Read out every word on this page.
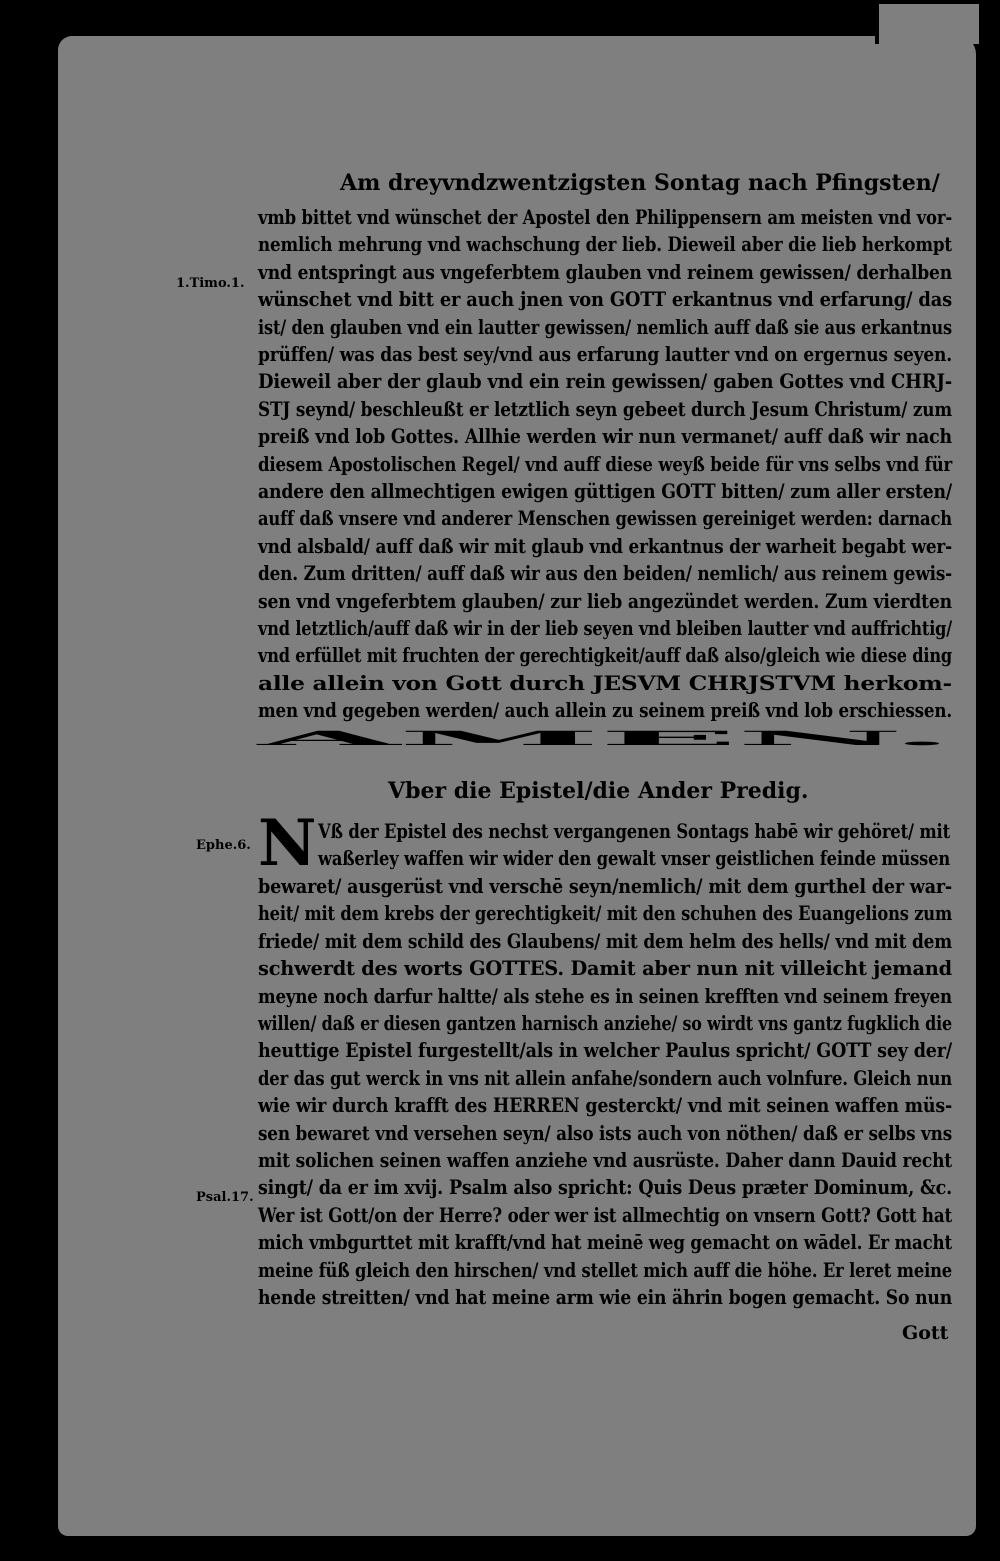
Am dreyvndzwentzigsten Sontag nach Pfingsten/
1.Timo.1.
Ephe.6.
Psal.17.
vmb bittet vnd wünschet der Apostel den Philippensern am meisten vnd vor-
nemlich mehrung vnd wachschung der lieb. Dieweil aber die lieb herkompt
vnd entspringt aus vngeferbtem glauben vnd reinem gewissen/ derhalben
wünschet vnd bitt er auch jnen von GOTT erkantnus vnd erfarung/ das
ist/ den glauben vnd ein lautter gewissen/ nemlich auff daß sie aus erkantnus
prüffen/ was das best sey/vnd aus erfarung lautter vnd on ergernus seyen.
Dieweil aber der glaub vnd ein rein gewissen/ gaben Gottes vnd CHRJ-
STJ seynd/ beschleußt er letztlich seyn gebeet durch Jesum Christum/ zum
preiß vnd lob Gottes. Allhie werden wir nun vermanet/ auff daß wir nach
diesem Apostolischen Regel/ vnd auff diese weyß beide für vns selbs vnd für
andere den allmechtigen ewigen güttigen GOTT bitten/ zum aller ersten/
auff daß vnsere vnd anderer Menschen gewissen gereiniget werden: darnach
vnd alsbald/ auff daß wir mit glaub vnd erkantnus der warheit begabt wer-
den. Zum dritten/ auff daß wir aus den beiden/ nemlich/ aus reinem gewis-
sen vnd vngeferbtem glauben/ zur lieb angezündet werden. Zum vierdten
vnd letztlich/auff daß wir in der lieb seyen vnd bleiben lautter vnd auffrichtig/
vnd erfüllet mit fruchten der gerechtigkeit/auff daß also/gleich wie diese ding
alle allein von Gott durch JESVM CHRJSTVM herkom-
men vnd gegeben werden/ auch allein zu seinem preiß vnd lob erschiessen.
AMEN.
Vber die Epistel/die Ander Predig.
N Vß der Epistel des nechst vergangenen Sontags habē wir gehöret/ mit
waßerley waffen wir wider den gewalt vnser geistlichen feinde müssen
bewaret/ ausgerüst vnd verschē seyn/nemlich/ mit dem gurthel der war-
heit/ mit dem krebs der gerechtigkeit/ mit den schuhen des Euangelions zum
friede/ mit dem schild des Glaubens/ mit dem helm des hells/ vnd mit dem
schwerdt des worts GOTTES. Damit aber nun nit villeicht jemand
meyne noch darfur haltte/ als stehe es in seinen krefften vnd seinem freyen
willen/ daß er diesen gantzen harnisch anziehe/ so wirdt vns gantz fugklich die
heuttige Epistel furgestellt/als in welcher Paulus spricht/ GOTT sey der/
der das gut werck in vns nit allein anfahe/sondern auch volnfure. Gleich nun
wie wir durch krafft des HERREN gesterckt/ vnd mit seinen waffen müs-
sen bewaret vnd versehen seyn/ also ists auch von nöthen/ daß er selbs vns
mit solichen seinen waffen anziehe vnd ausrüste. Daher dann Dauid recht
singt/ da er im xvij. Psalm also spricht: Quis Deus præter Dominum, &c.
Wer ist Gott/on der Herre? oder wer ist allmechtig on vnsern Gott? Gott hat
mich vmbgurttet mit krafft/vnd hat meinē weg gemacht on wādel. Er macht
meine füß gleich den hirschen/ vnd stellet mich auff die höhe. Er leret meine
hende streitten/ vnd hat meine arm wie ein ährin bogen gemacht. So nun
Gott
